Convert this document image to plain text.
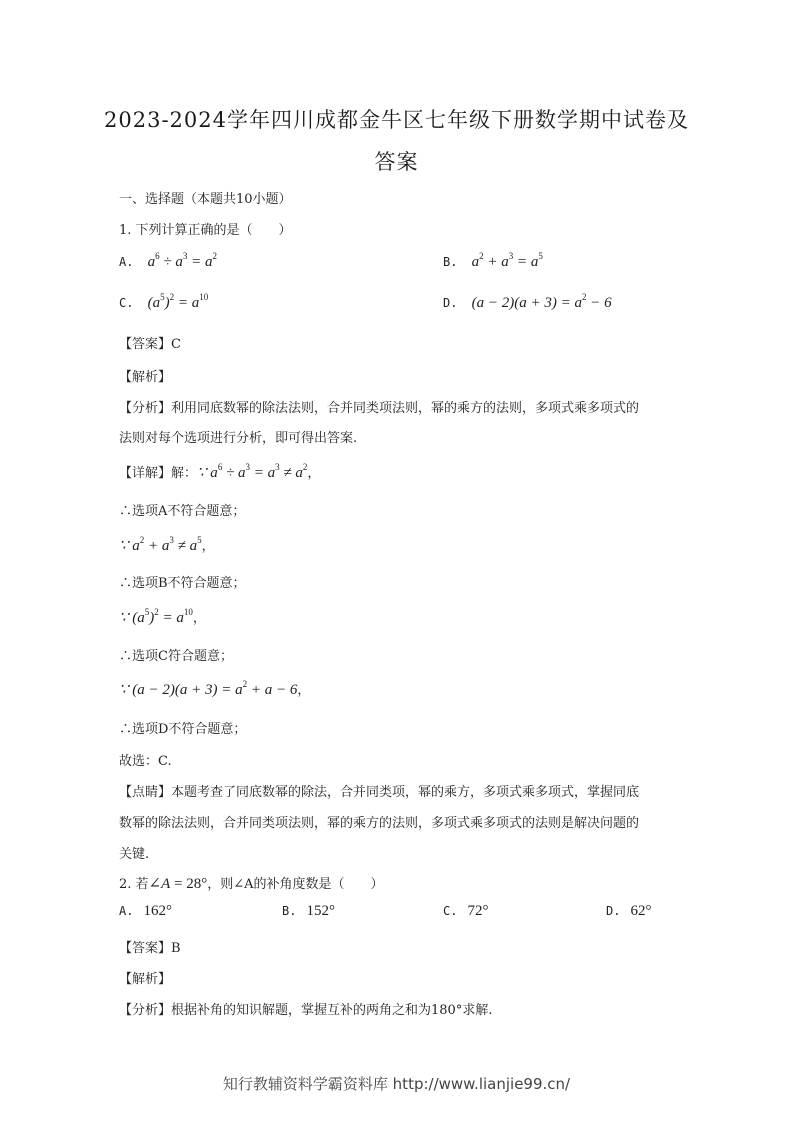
2023-2024学年四川成都金牛区七年级下册数学期中试卷及
答案
一、选择题（本题共10小题）
1. 下列计算正确的是（　　）
A. $a^6 \div a^3 = a^2$	B. $a^2 + a^3 = a^5$
C. $(a^5)^2 = a^{10}$	D. $(a - 2)(a + 3) = a^2 - 6$
【答案】C
【解析】
【分析】利用同底数幂的除法法则，合并同类项法则，幂的乘方的法则，多项式乘多项式的
法则对每个选项进行分析，即可得出答案.
【详解】解：∵ $a^6 \div a^3 = a^3 \ne a^2$，
∴选项A不符合题意；
∵ $a^2 + a^3 \ne a^5$，
∴选项B不符合题意；
∵ $(a^5)^2 = a^{10}$，
∴选项C符合题意；
∵ $(a - 2)(a + 3) = a^2 + a - 6$，
∴选项D不符合题意；
故选：C.
【点睛】本题考查了同底数幂的除法，合并同类项，幂的乘方，多项式乘多项式，掌握同底
数幂的除法法则，合并同类项法则，幂的乘方的法则，多项式乘多项式的法则是解决问题的
关键.
2. 若∠A = 28°，则∠A的补角度数是（　　）
A. 162°	B. 152°	C. 72°	D. 62°
【答案】B
【解析】
【分析】根据补角的知识解题，掌握互补的两角之和为180°求解.
知行教辅资料学霸资料库 http://www.lianjie99.cn/
